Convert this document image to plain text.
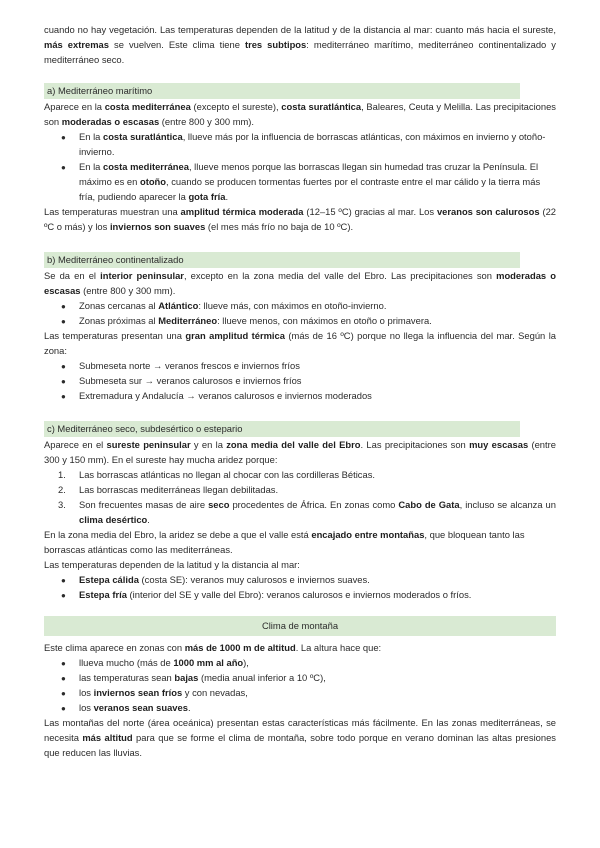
cuando no hay vegetación. Las temperaturas dependen de la latitud y de la distancia al mar: cuanto más hacia el sureste, más extremas se vuelven. Este clima tiene tres subtipos: mediterráneo marítimo, mediterráneo continentalizado y mediterráneo seco.

a) Mediterráneo marítimo

Aparece en la costa mediterránea (excepto el sureste), costa suratlántica, Baleares, Ceuta y Melilla. Las precipitaciones son moderadas o escasas (entre 800 y 300 mm).

●
En la costa suratlántica, llueve más por la influencia de borrascas atlánticas, con máximos en invierno y otoño-invierno.
●
En la costa mediterránea, llueve menos porque las borrascas llegan sin humedad tras cruzar la Península. El máximo es en otoño, cuando se producen tormentas fuertes por el contraste entre el mar cálido y la tierra más fría, pudiendo aparecer la gota fría.

Las temperaturas muestran una amplitud térmica moderada (12–15 ºC) gracias al mar. Los veranos son calurosos (22 ºC o más) y los inviernos son suaves (el mes más frío no baja de 10 ºC).

b) Mediterráneo continentalizado

Se da en el interior peninsular, excepto en la zona media del valle del Ebro. Las precipitaciones son moderadas o escasas (entre 800 y 300 mm).

●
Zonas cercanas al Atlántico: llueve más, con máximos en otoño-invierno.
●
Zonas próximas al Mediterráneo: llueve menos, con máximos en otoño o primavera.

Las temperaturas presentan una gran amplitud térmica (más de 16 ºC) porque no llega la influencia del mar. Según la zona:

●
Submeseta norte → veranos frescos e inviernos fríos
●
Submeseta sur → veranos calurosos e inviernos fríos
●
Extremadura y Andalucía → veranos calurosos e inviernos moderados
c) Mediterráneo seco, subdesértico o estepario

Aparece en el sureste peninsular y en la zona media del valle del Ebro. Las precipitaciones son muy escasas (entre 300 y 150 mm). En el sureste hay mucha aridez porque:

1.	Las borrascas atlánticas no llegan al chocar con las cordilleras Béticas.
2.	Las borrascas mediterráneas llegan debilitadas.
3.	Son frecuentes masas de aire seco procedentes de África. En zonas como Cabo de Gata, incluso se alcanza un clima desértico.

En la zona media del Ebro, la aridez se debe a que el valle está encajado entre montañas, que bloquean tanto las borrascas atlánticas como las mediterráneas.

Las temperaturas dependen de la latitud y la distancia al mar:

●
Estepa cálida (costa SE): veranos muy calurosos e inviernos suaves.
●
Estepa fría (interior del SE y valle del Ebro): veranos calurosos e inviernos moderados o fríos.
Clima de montaña

Este clima aparece en zonas con más de 1000 m de altitud. La altura hace que:

●
llueva mucho (más de 1000 mm al año),
●
las temperaturas sean bajas (media anual inferior a 10 ºC),
●
los inviernos sean fríos y con nevadas,
●
los veranos sean suaves.

Las montañas del norte (área oceánica) presentan estas características más fácilmente. En las zonas mediterráneas, se necesita más altitud para que se forme el clima de montaña, sobre todo porque en verano dominan las altas presiones que reducen las lluvias.
